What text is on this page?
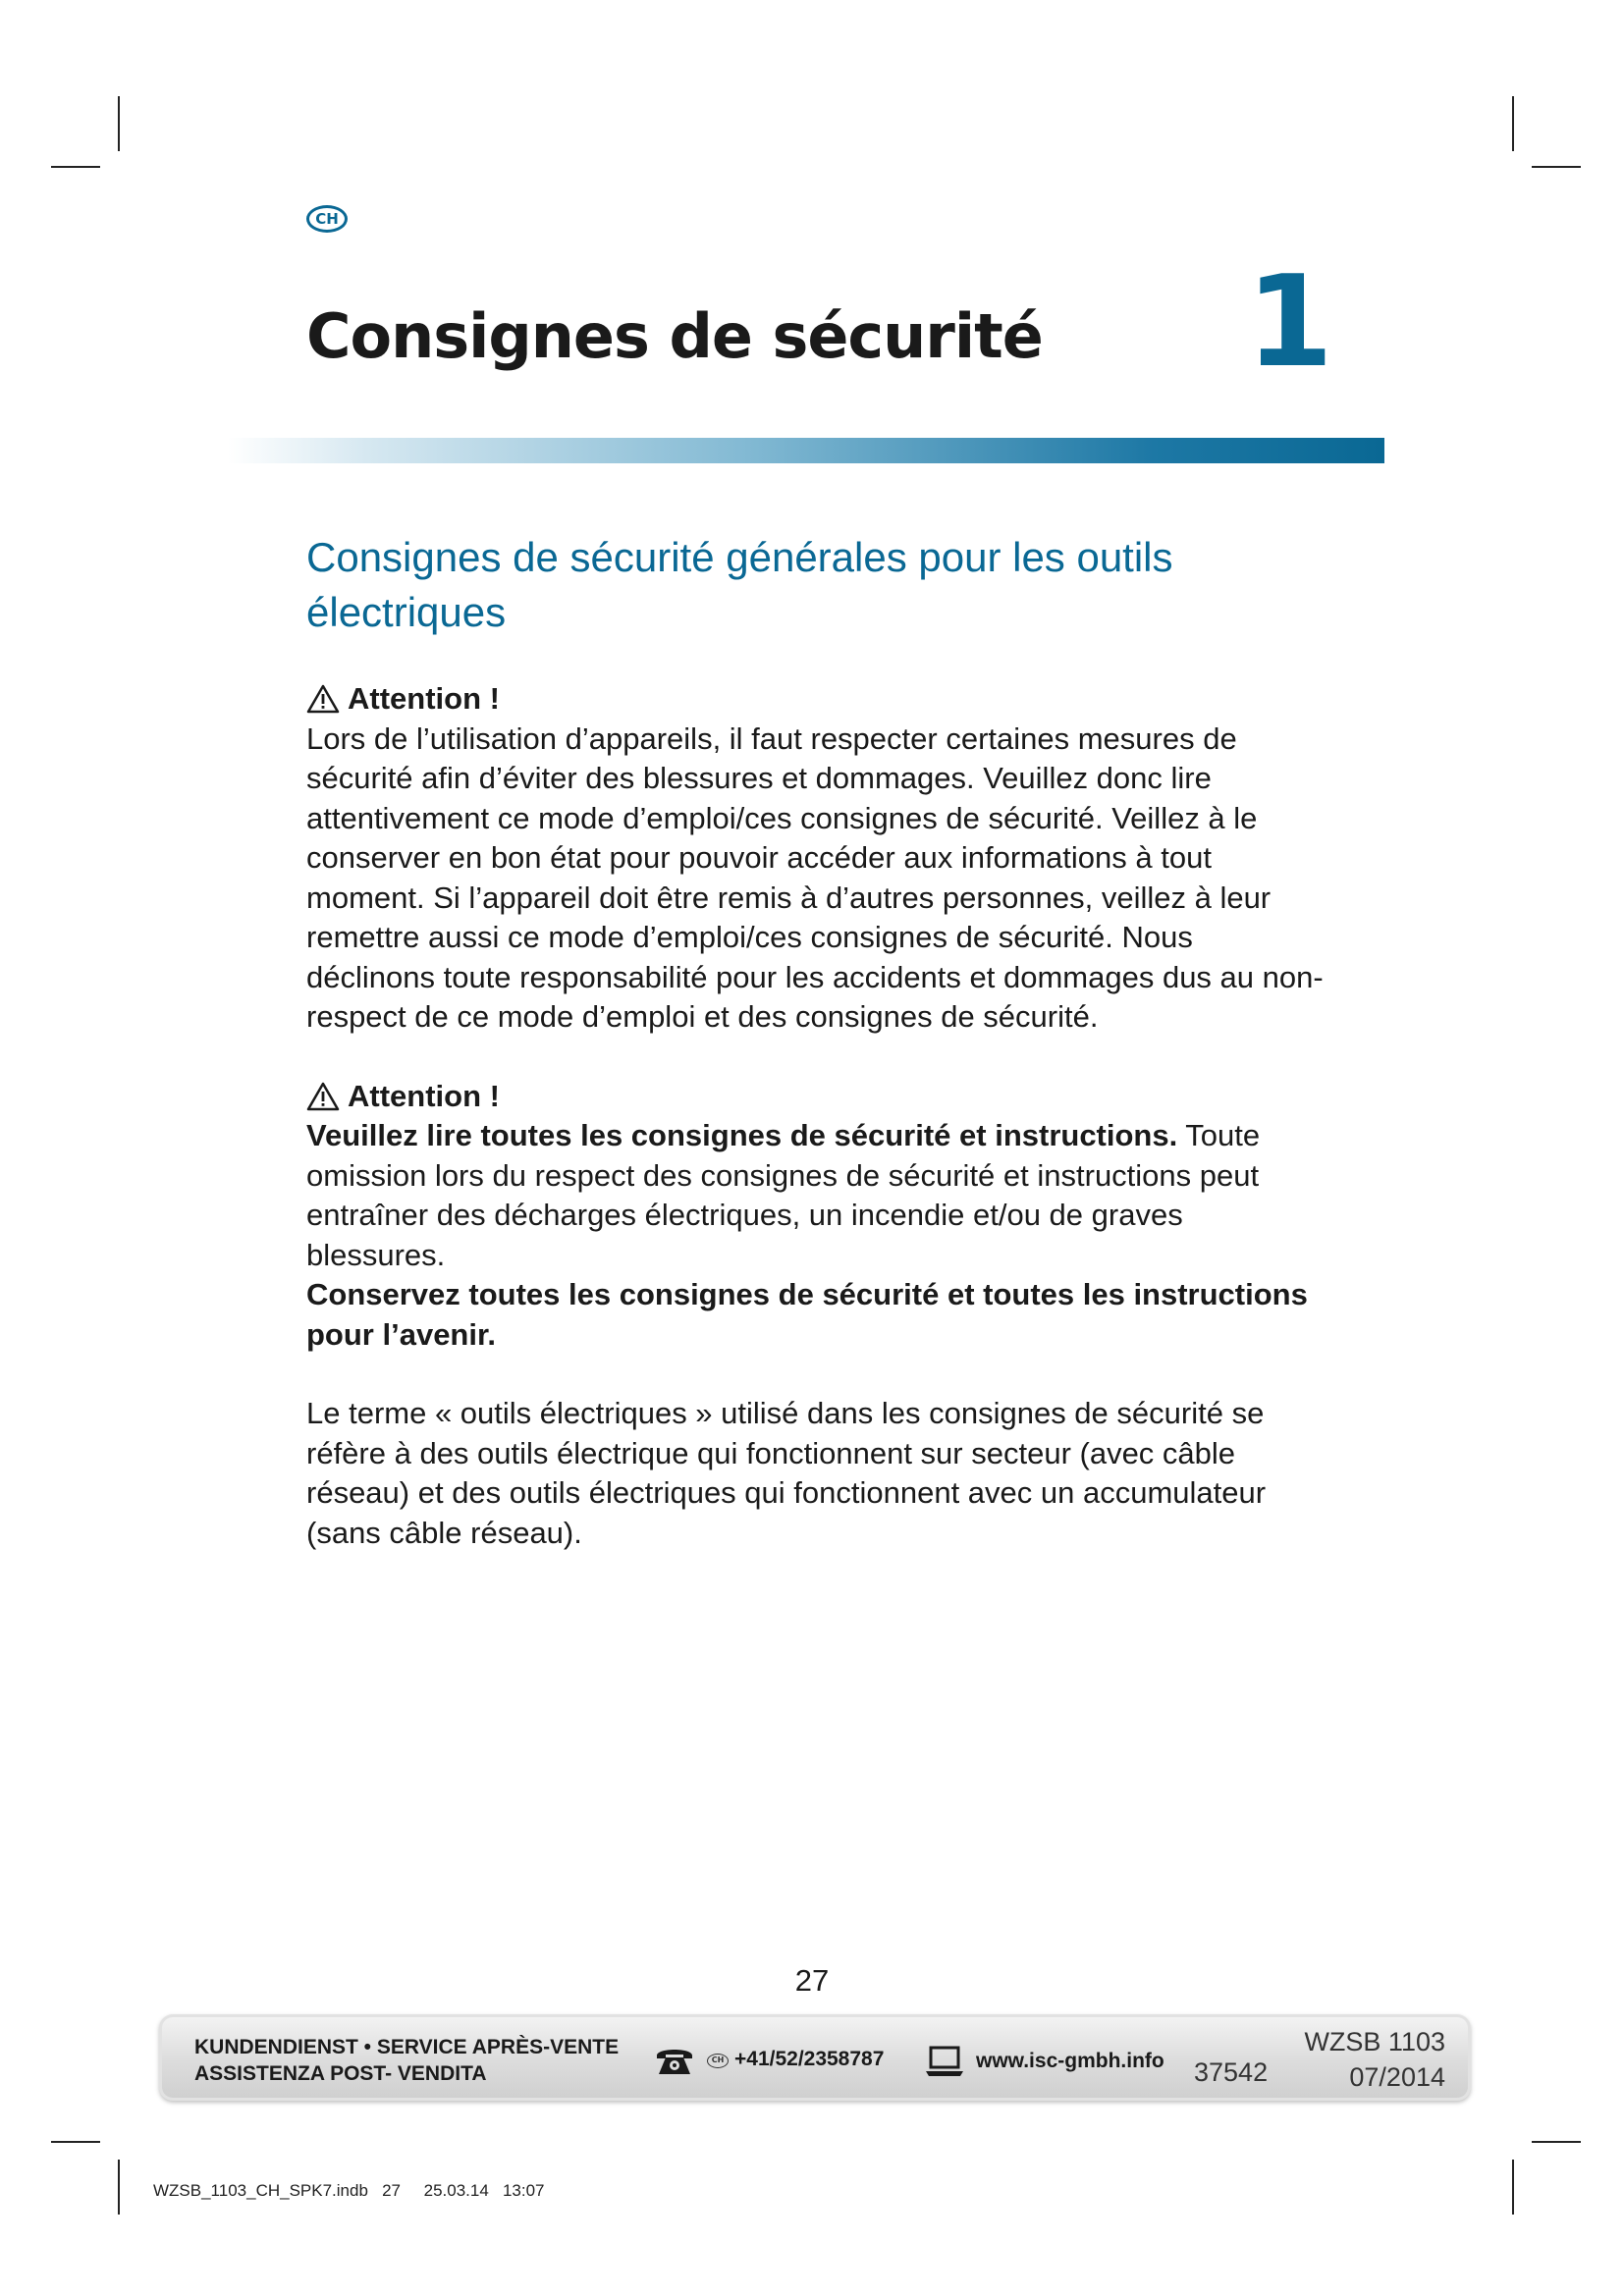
CH
Consignes de sécurité 1
Consignes de sécurité générales pour les outils électriques
Attention !

Lors de l’utilisation d’appareils, il faut respecter certaines mesures de sécurité afin d’éviter des blessures et dommages. Veuillez donc lire attentivement ce mode d’emploi/ces consignes de sécurité. Veillez à le conserver en bon état pour pouvoir accéder aux informations à tout moment. Si l’appareil doit être remis à d’autres personnes, veillez à leur remettre aussi ce mode d’emploi/ces consignes de sécurité. Nous déclinons toute responsabilité pour les accidents et dommages dus au non-respect de ce mode d’emploi et des consignes de sécurité.

Attention !

Veuillez lire toutes les consignes de sécurité et instructions. Toute omission lors du respect des consignes de sécurité et instructions peut entraîner des décharges électriques, un incendie et/ou de graves blessures.

Conservez toutes les consignes de sécurité et toutes les instructions pour l’avenir.

Le terme « outils électriques » utilisé dans les consignes de sécurité se réfère à des outils électrique qui fonctionnent sur secteur (avec câble réseau) et des outils électriques qui fonctionnent avec un accumulateur (sans câble réseau).

27
KUNDENDIENST • SERVICE APRÈS-VENTE
ASSISTENZA POST- VENDITA
CH +41/52/2358787	www.isc-gmbh.info 37542
WZSB 1103
07/2014
WZSB_1103_CH_SPK7.indb   27     25.03.14   13:07
